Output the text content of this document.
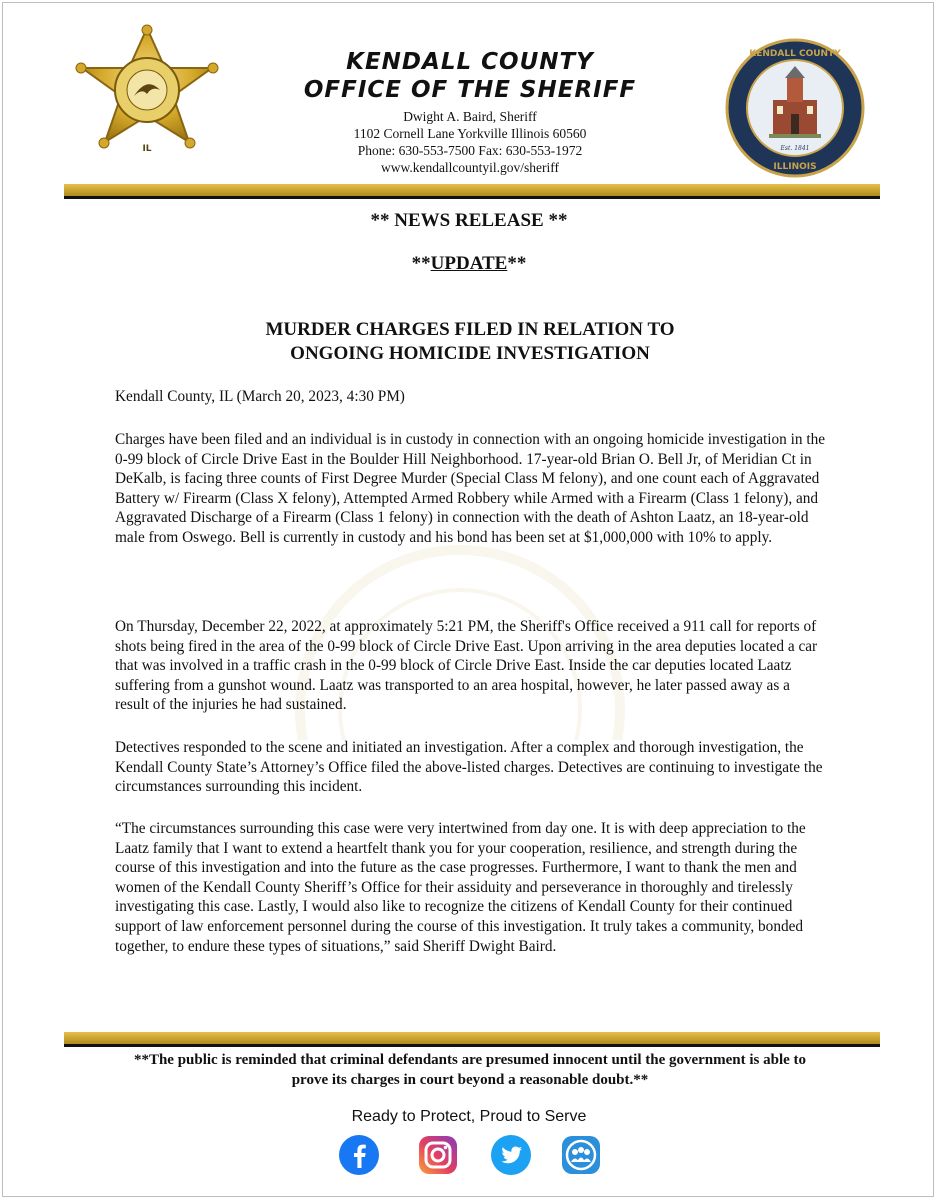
IL	Est. 1841
KENDALL COUNTY
ILLINOIS
KENDALL COUNTY
OFFICE OF THE SHERIFF
Dwight A. Baird, Sheriff
1102 Cornell Lane Yorkville Illinois 60560
Phone: 630-553-7500 Fax: 630-553-1972
www.kendallcountyil.gov/sheriff
** NEWS RELEASE **
**UPDATE**
MURDER CHARGES FILED IN RELATION TO
ONGOING HOMICIDE INVESTIGATION

Kendall County, IL (March 20, 2023, 4:30 PM)

Charges have been filed and an individual is in custody in connection with an ongoing homicide investigation in the 0-99 block of Circle Drive East in the Boulder Hill Neighborhood. 17-year-old Brian O. Bell Jr, of Meridian Ct in DeKalb, is facing three counts of First Degree Murder (Special Class M felony), and one count each of Aggravated Battery w/ Firearm (Class X felony), Attempted Armed Robbery while Armed with a Firearm (Class 1 felony), and Aggravated Discharge of a Firearm (Class 1 felony) in connection with the death of Ashton Laatz, an 18-year-old male from Oswego. Bell is currently in custody and his bond has been set at $1,000,000 with 10% to apply.

On Thursday, December 22, 2022, at approximately 5:21 PM, the Sheriff's Office received a 911 call for reports of shots being fired in the area of the 0-99 block of Circle Drive East. Upon arriving in the area deputies located a car that was involved in a traffic crash in the 0-99 block of Circle Drive East. Inside the car deputies located Laatz suffering from a gunshot wound. Laatz was transported to an area hospital, however, he later passed away as a result of the injuries he had sustained.

Detectives responded to the scene and initiated an investigation. After a complex and thorough investigation, the Kendall County State’s Attorney’s Office filed the above-listed charges. Detectives are continuing to investigate the circumstances surrounding this incident.

“The circumstances surrounding this case were very intertwined from day one. It is with deep appreciation to the Laatz family that I want to extend a heartfelt thank you for your cooperation, resilience, and strength during the course of this investigation and into the future as the case progresses. Furthermore, I want to thank the men and women of the Kendall County Sheriff’s Office for their assiduity and perseverance in thoroughly and tirelessly investigating this case. Lastly, I would also like to recognize the citizens of Kendall County for their continued support of law enforcement personnel during the course of this investigation. It truly takes a community, bonded together, to endure these types of situations,” said Sheriff Dwight Baird.

**The public is reminded that criminal defendants are presumed innocent until the government is able to prove its charges in court beyond a reasonable doubt.**
Ready to Protect, Proud to Serve
